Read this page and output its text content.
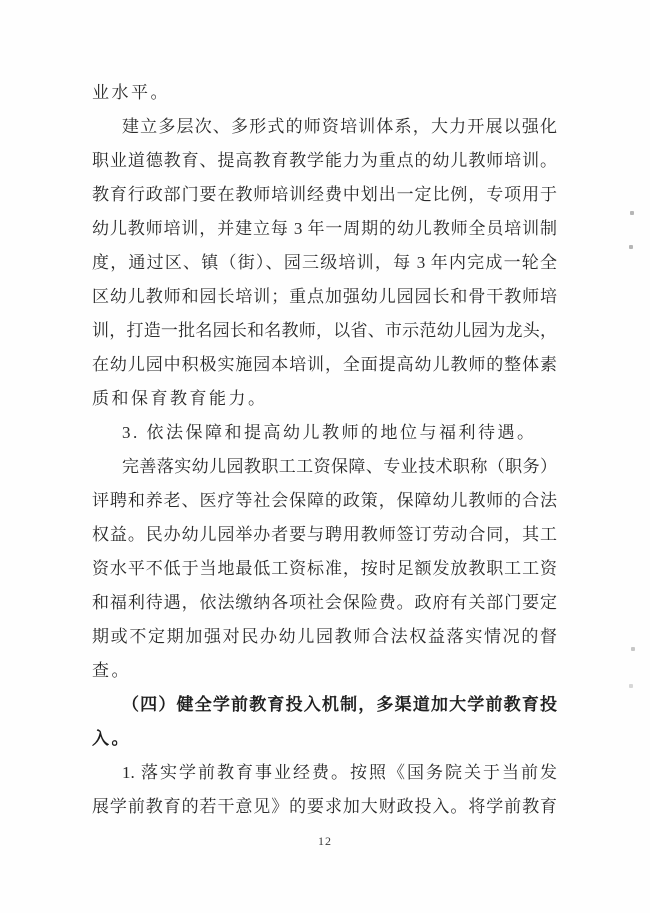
业水平。
建立多层次、多形式的师资培训体系，大力开展以强化
职业道德教育、提高教育教学能力为重点的幼儿教师培训。
教育行政部门要在教师培训经费中划出一定比例，专项用于
幼儿教师培训，并建立每 3 年一周期的幼儿教师全员培训制
度，通过区、镇（街）、园三级培训，每 3 年内完成一轮全
区幼儿教师和园长培训；重点加强幼儿园园长和骨干教师培
训，打造一批名园长和名教师，以省、市示范幼儿园为龙头，
在幼儿园中积极实施园本培训，全面提高幼儿教师的整体素
质和保育教育能力。
3. 依法保障和提高幼儿教师的地位与福利待遇。
完善落实幼儿园教职工工资保障、专业技术职称（职务）
评聘和养老、医疗等社会保障的政策，保障幼儿教师的合法
权益。民办幼儿园举办者要与聘用教师签订劳动合同，其工
资水平不低于当地最低工资标准，按时足额发放教职工工资
和福利待遇，依法缴纳各项社会保险费。政府有关部门要定
期或不定期加强对民办幼儿园教师合法权益落实情况的督
查。
（四）健全学前教育投入机制，多渠道加大学前教育投
入。
1. 落实学前教育事业经费。按照《国务院关于当前发
展学前教育的若干意见》的要求加大财政投入。将学前教育
12
